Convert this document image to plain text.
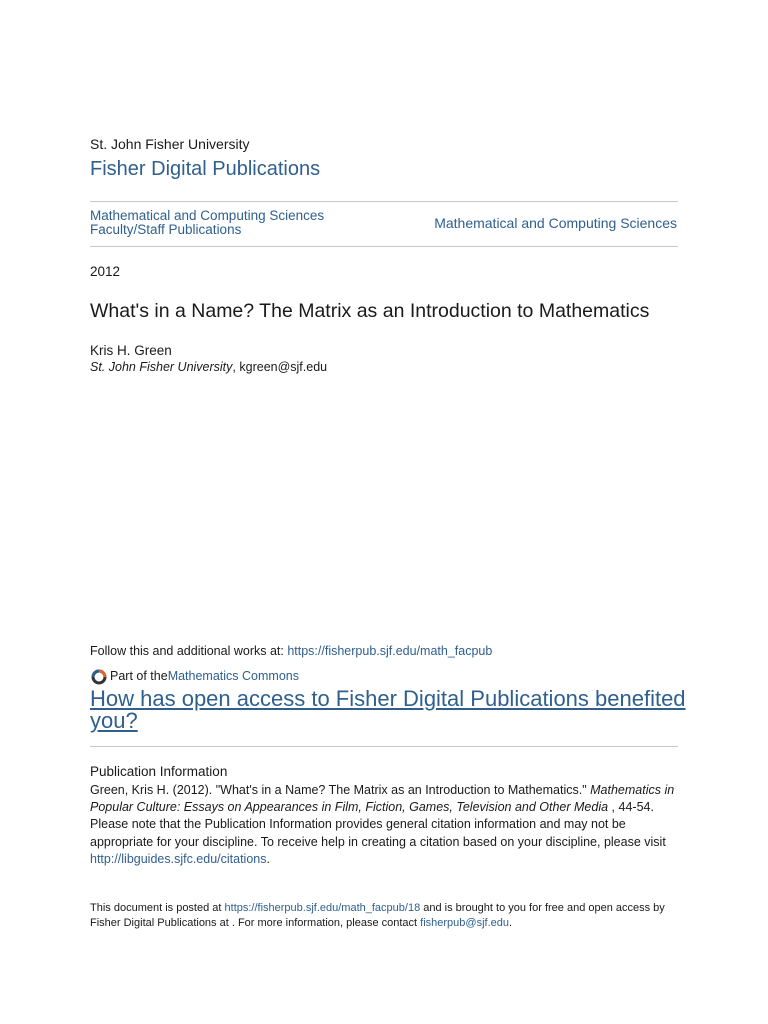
St. John Fisher University
Fisher Digital Publications
Mathematical and Computing Sciences
Faculty/Staff Publications	Mathematical and Computing Sciences
2012
What's in a Name? The Matrix as an Introduction to Mathematics
Kris H. Green
St. John Fisher University, kgreen@sjf.edu
Follow this and additional works at: https://fisherpub.sjf.edu/math_facpub
Part of the Mathematics Commons
How has open access to Fisher Digital Publications benefited you?
Publication Information
Green, Kris H. (2012). "What's in a Name? The Matrix as an Introduction to Mathematics." Mathematics in Popular Culture: Essays on Appearances in Film, Fiction, Games, Television and Other Media , 44-54.
Please note that the Publication Information provides general citation information and may not be appropriate for your discipline. To receive help in creating a citation based on your discipline, please visit http://libguides.sjfc.edu/citations.
This document is posted at https://fisherpub.sjf.edu/math_facpub/18 and is brought to you for free and open access by Fisher Digital Publications at . For more information, please contact fisherpub@sjf.edu.
